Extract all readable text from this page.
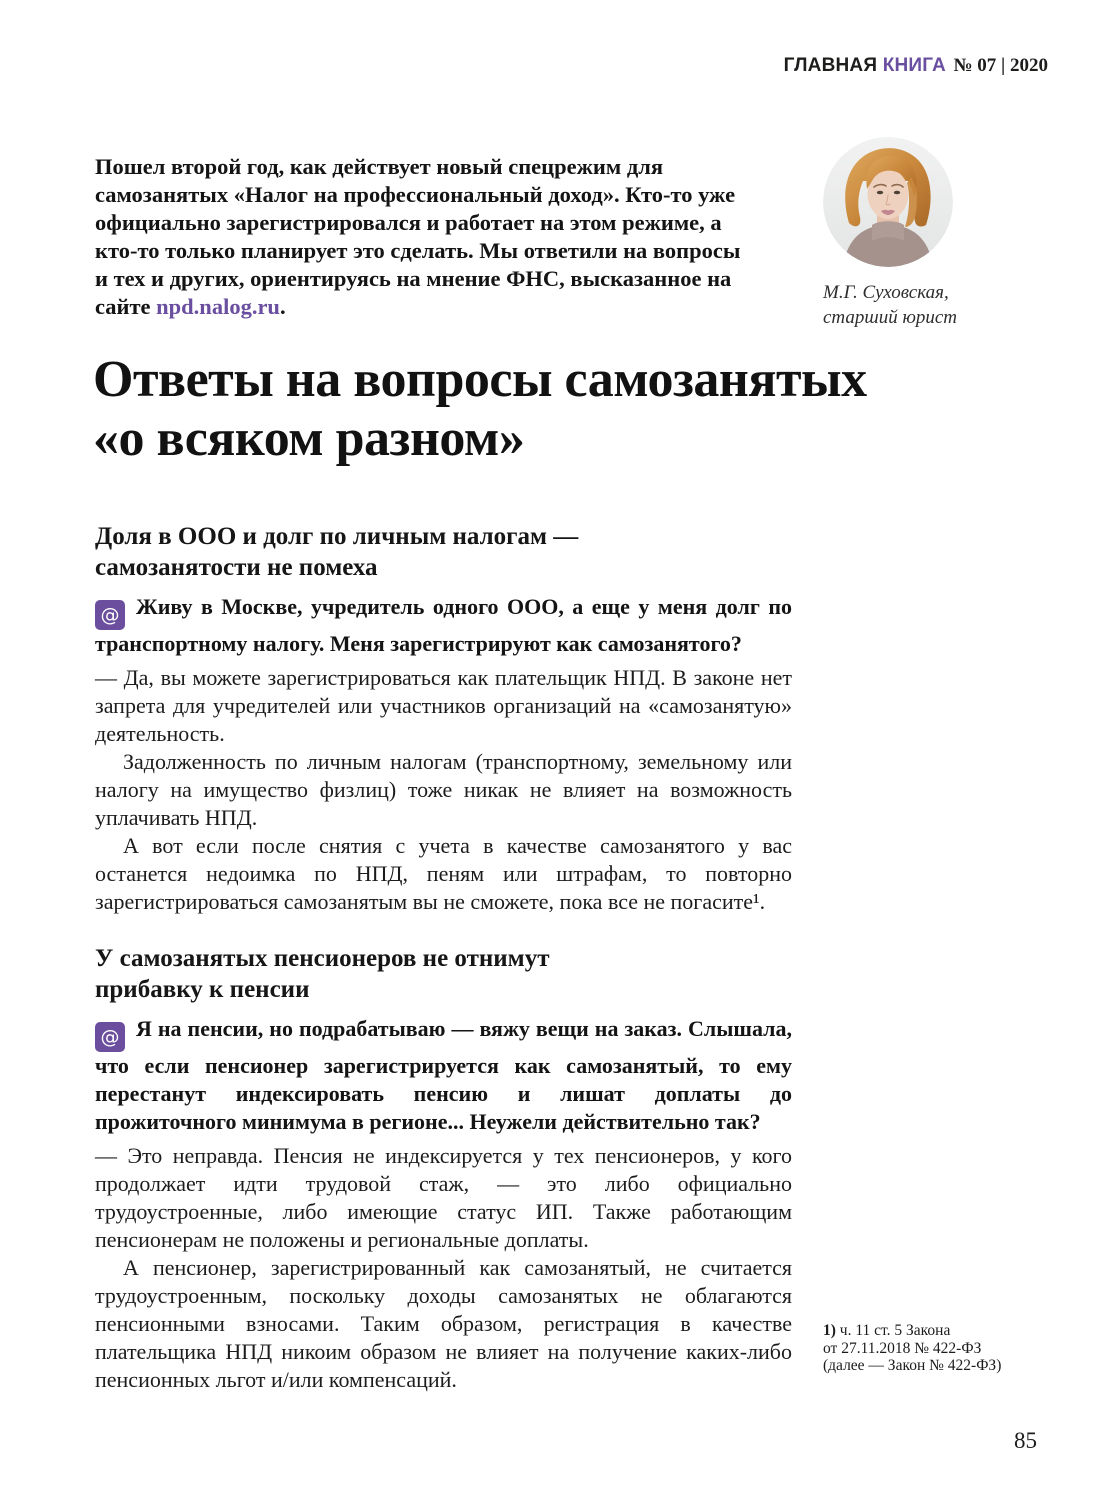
ГЛАВНАЯ КНИГА № 07 | 2020

Пошел второй год, как действует новый спецрежим для самозанятых «Налог на профессиональный доход». Кто-то уже официально зарегистрировался и работает на этом режиме, а кто-то только планирует это сделать. Мы ответили на вопросы и тех и других, ориентируясь на мнение ФНС, высказанное на сайте npd.nalog.ru.

М.Г. Суховская,
старший юрист
Ответы на вопросы самозанятых
«о всяком разном»
Доля в ООО и долг по личным налогам —
самозанятости не помеха

@ Живу в Москве, учредитель одного ООО, а еще у меня долг по транспортному налогу. Меня зарегистрируют как самозанятого?

— Да, вы можете зарегистрироваться как плательщик НПД. В законе нет запрета для учредителей или участников организаций на «самозанятую» деятельность.

Задолженность по личным налогам (транспортному, земельному или налогу на имущество физлиц) тоже никак не влияет на возможность уплачивать НПД.

А вот если после снятия с учета в качестве самозанятого у вас останется недоимка по НПД, пеням или штрафам, то повторно зарегистрироваться самозанятым вы не сможете, пока все не погасите¹.

У самозанятых пенсионеров не отнимут
прибавку к пенсии

@ Я на пенсии, но подрабатываю — вяжу вещи на заказ. Слышала, что если пенсионер зарегистрируется как самозанятый, то ему перестанут индексировать пенсию и лишат доплаты до прожиточного минимума в регионе... Неужели действительно так?

— Это неправда. Пенсия не индексируется у тех пенсионеров, у кого продолжает идти трудовой стаж, — это либо официально трудоустроенные, либо имеющие статус ИП. Также работающим пенсионерам не положены и региональные доплаты.

А пенсионер, зарегистрированный как самозанятый, не считается трудоустроенным, поскольку доходы самозанятых не облагаются пенсионными взносами. Таким образом, регистрация в качестве плательщика НПД никоим образом не влияет на получение каких-либо пенсионных льгот и/или компенсаций.

1) ч. 11 ст. 5 Закона
от 27.11.2018 № 422-ФЗ
(далее — Закон № 422-ФЗ)
85
